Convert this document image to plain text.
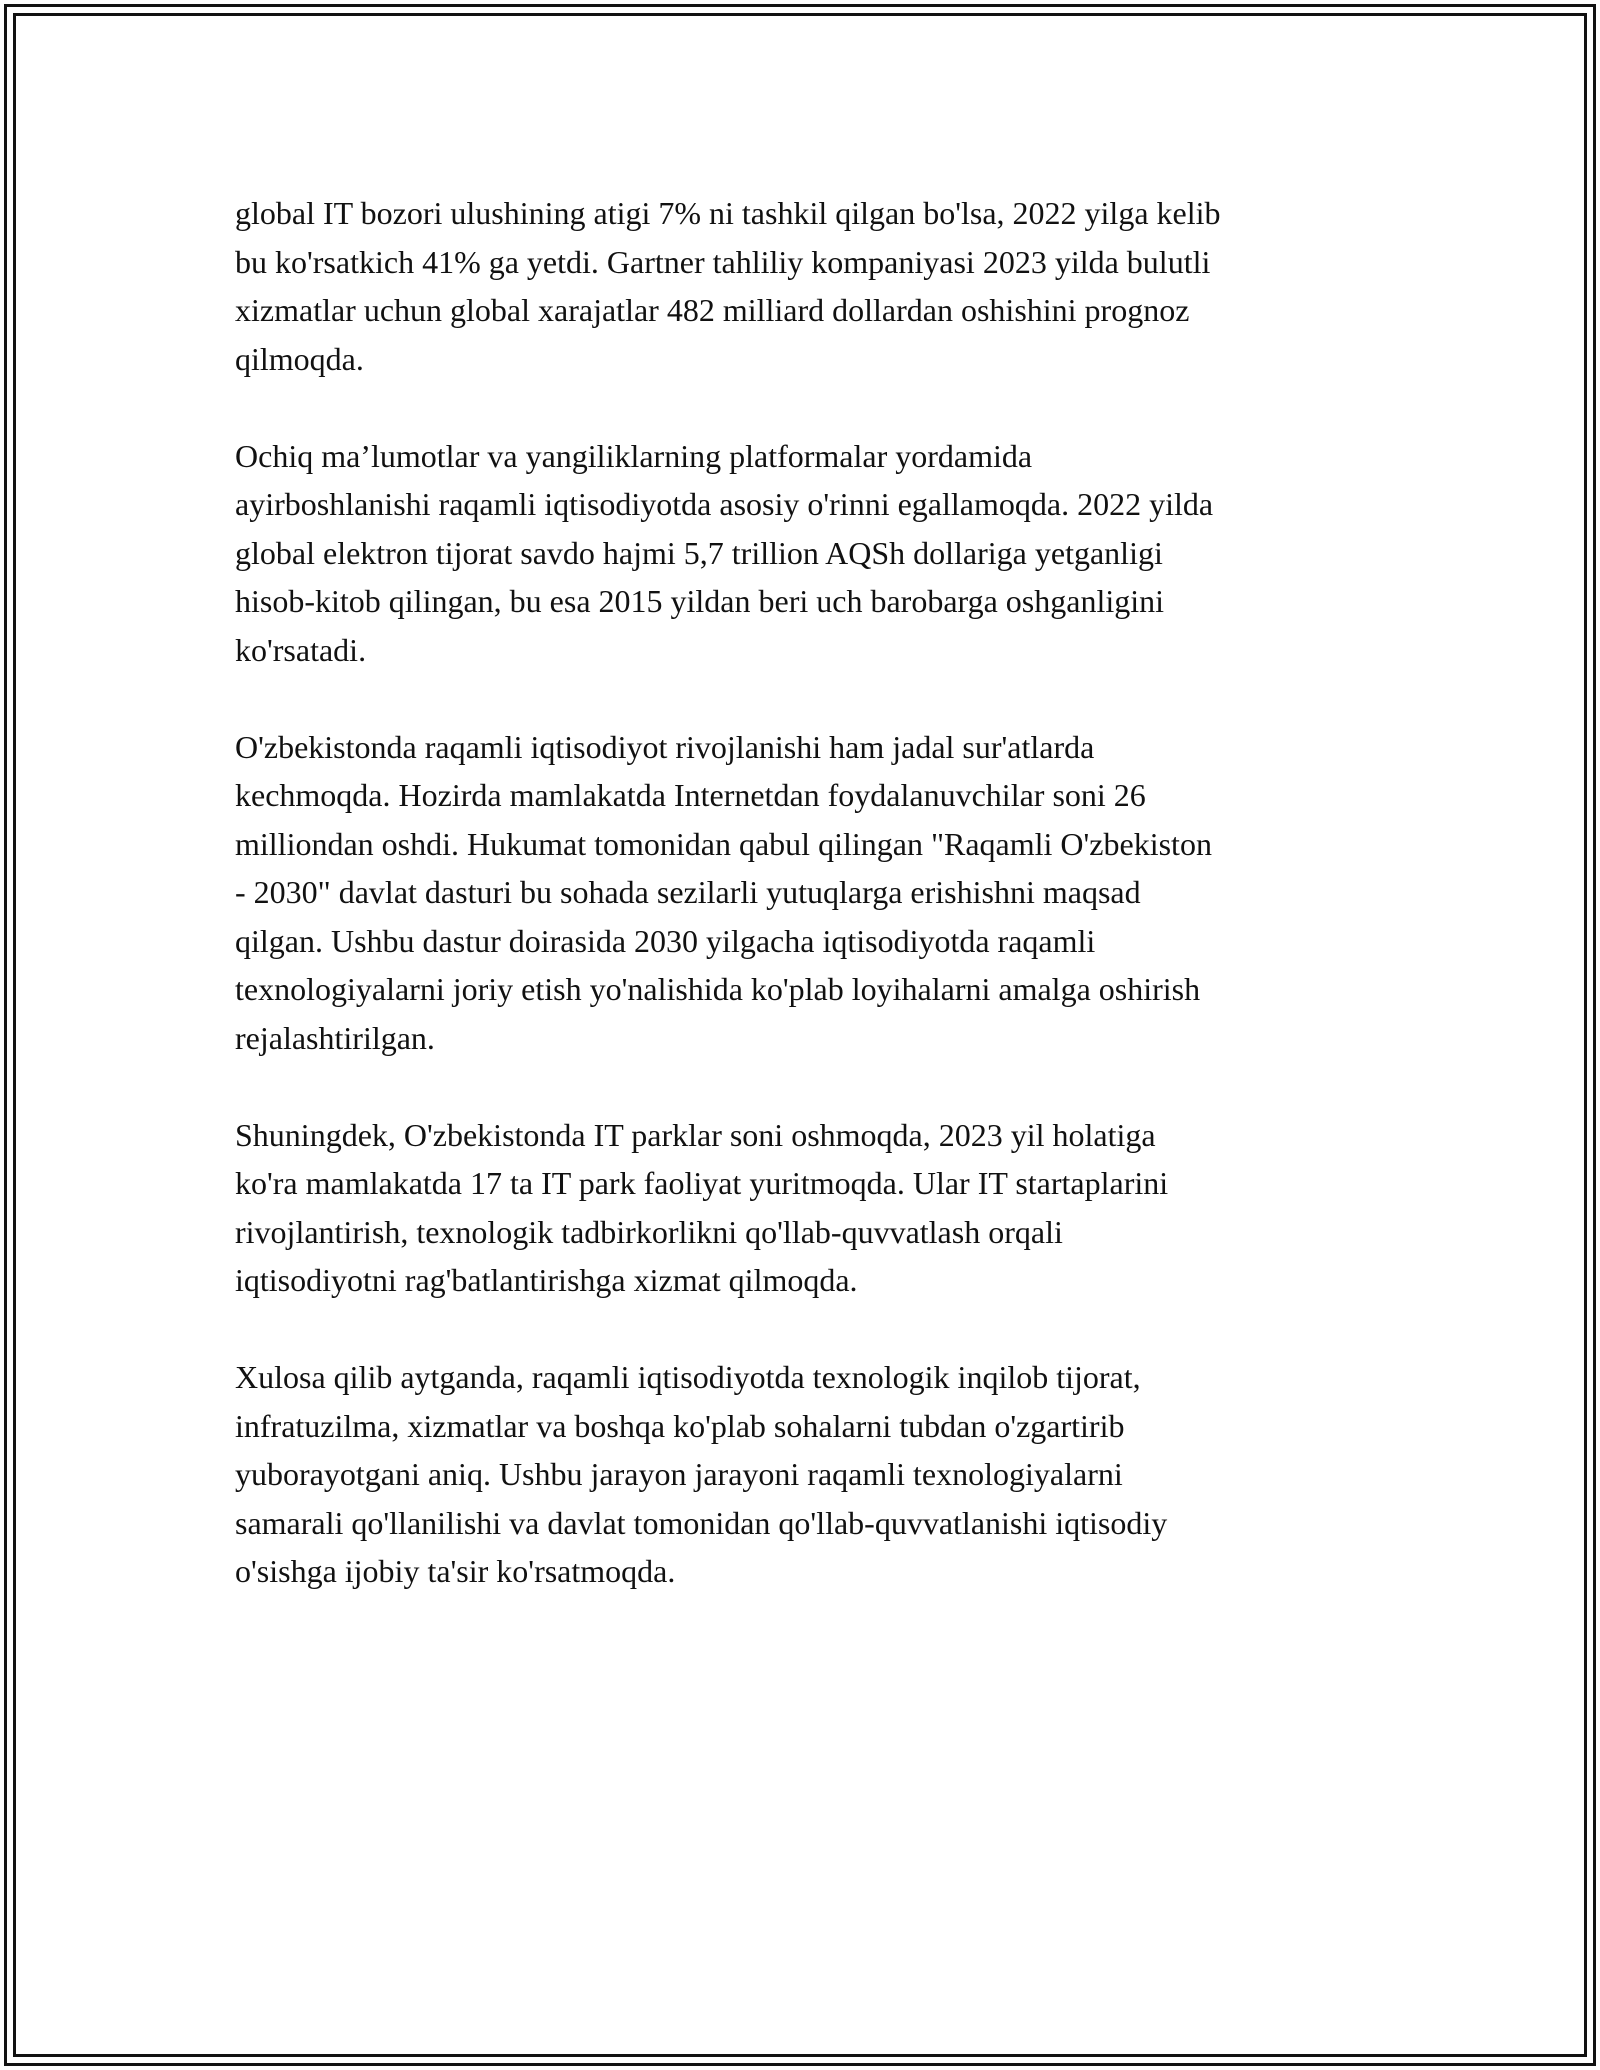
global IT bozori ulushining atigi 7% ni tashkil qilgan bo'lsa, 2022 yilga kelib
bu ko'rsatkich 41% ga yetdi. Gartner tahliliy kompaniyasi 2023 yilda bulutli
xizmatlar uchun global xarajatlar 482 milliard dollardan oshishini prognoz
qilmoqda.

Ochiq ma’lumotlar va yangiliklarning platformalar yordamida
ayirboshlanishi raqamli iqtisodiyotda asosiy o'rinni egallamoqda. 2022 yilda
global elektron tijorat savdo hajmi 5,7 trillion AQSh dollariga yetganligi
hisob-kitob qilingan, bu esa 2015 yildan beri uch barobarga oshganligini
ko'rsatadi.

O'zbekistonda raqamli iqtisodiyot rivojlanishi ham jadal sur'atlarda
kechmoqda. Hozirda mamlakatda Internetdan foydalanuvchilar soni 26
milliondan oshdi. Hukumat tomonidan qabul qilingan "Raqamli O'zbekiston
- 2030" davlat dasturi bu sohada sezilarli yutuqlarga erishishni maqsad
qilgan. Ushbu dastur doirasida 2030 yilgacha iqtisodiyotda raqamli
texnologiyalarni joriy etish yo'nalishida ko'plab loyihalarni amalga oshirish
rejalashtirilgan.

Shuningdek, O'zbekistonda IT parklar soni oshmoqda, 2023 yil holatiga
ko'ra mamlakatda 17 ta IT park faoliyat yuritmoqda. Ular IT startaplarini
rivojlantirish, texnologik tadbirkorlikni qo'llab-quvvatlash orqali
iqtisodiyotni rag'batlantirishga xizmat qilmoqda.

Xulosa qilib aytganda, raqamli iqtisodiyotda texnologik inqilob tijorat,
infratuzilma, xizmatlar va boshqa ko'plab sohalarni tubdan o'zgartirib
yuborayotgani aniq. Ushbu jarayon jarayoni raqamli texnologiyalarni
samarali qo'llanilishi va davlat tomonidan qo'llab-quvvatlanishi iqtisodiy
o'sishga ijobiy ta'sir ko'rsatmoqda.
